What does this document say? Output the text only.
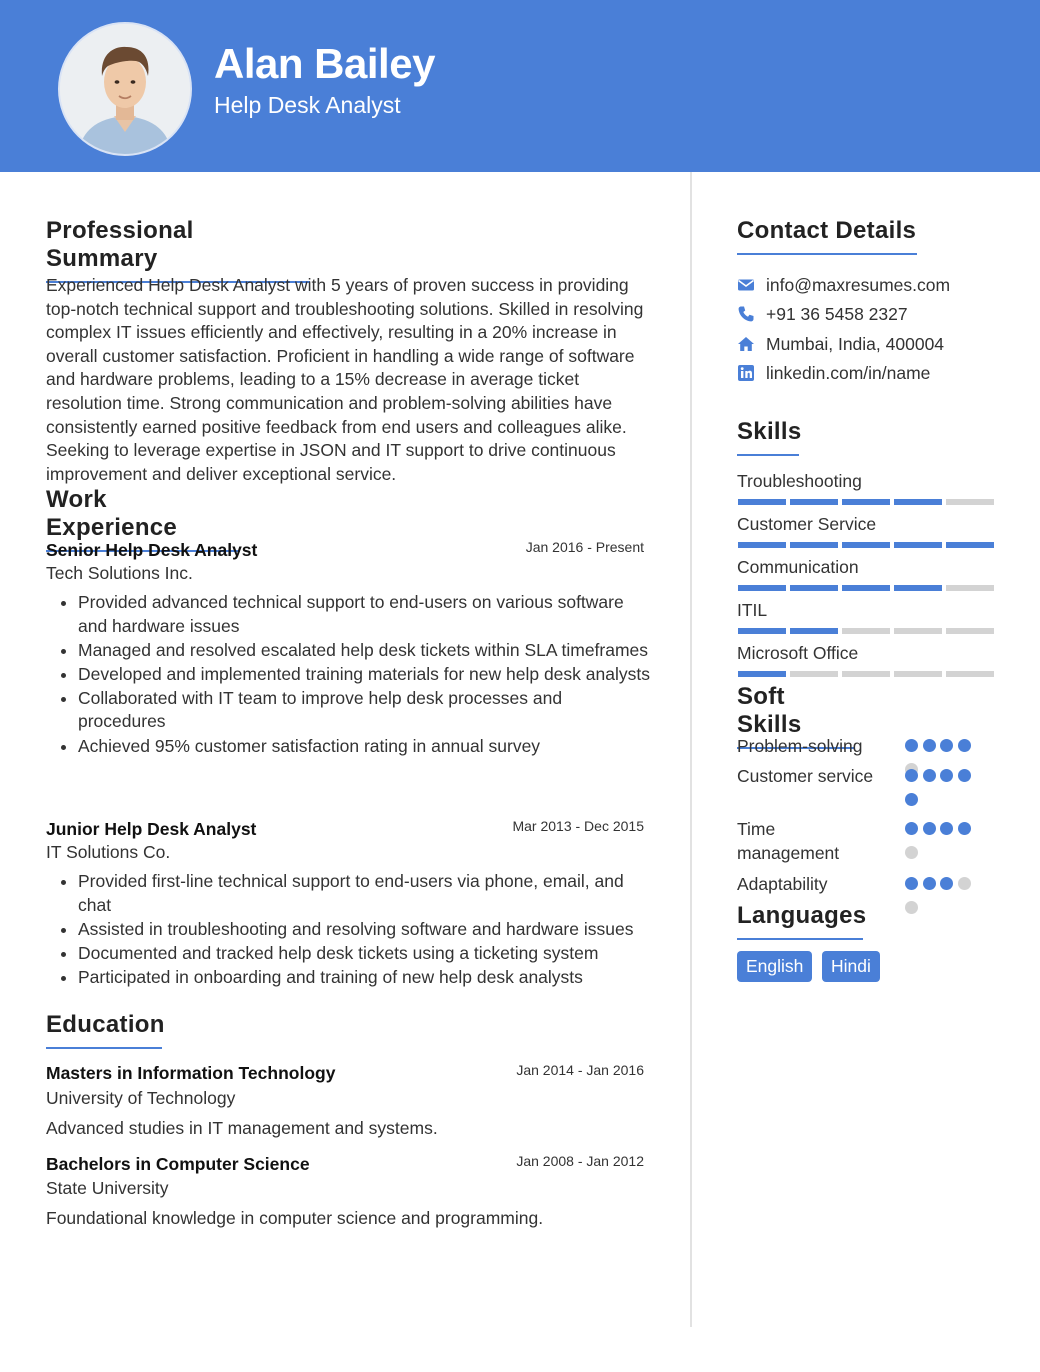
Alan Bailey

Help Desk Analyst

Professional Summary

Experienced Help Desk Analyst with 5 years of proven success in providing top-notch technical support and troubleshooting solutions. Skilled in resolving complex IT issues efficiently and effectively, resulting in a 20% increase in overall customer satisfaction. Proficient in handling a wide range of software and hardware problems, leading to a 15% decrease in average ticket resolution time. Strong communication and problem-solving abilities have consistently earned positive feedback from end users and colleagues alike. Seeking to leverage expertise in JSON and IT support to drive continuous improvement and deliver exceptional service.

Work Experience

Senior Help Desk Analyst	Jan 2016 - Present

Tech Solutions Inc.

• Provided advanced technical support to end-users on various software and hardware issues
• Managed and resolved escalated help desk tickets within SLA timeframes
• Developed and implemented training materials for new help desk analysts
• Collaborated with IT team to improve help desk processes and procedures
• Achieved 95% customer satisfaction rating in annual survey

Junior Help Desk Analyst	Mar 2013 - Dec 2015

IT Solutions Co.

• Provided first-line technical support to end-users via phone, email, and chat
• Assisted in troubleshooting and resolving software and hardware issues
• Documented and tracked help desk tickets using a ticketing system
• Participated in onboarding and training of new help desk analysts
Education

Masters in Information Technology	Jan 2014 - Jan 2016

University of Technology

Advanced studies in IT management and systems.

Bachelors in Computer Science	Jan 2008 - Jan 2012

State University

Foundational knowledge in computer science and programming.

Contact Details
info@maxresumes.com
+91 36 5458 2327
Mumbai, India, 400004
linkedin.com/in/name
Skills

Troubleshooting

Customer Service

Communication

ITIL

Microsoft Office

Soft Skills

Problem-solving

Customer service

Time management

Adaptability

Languages
English	Hindi
